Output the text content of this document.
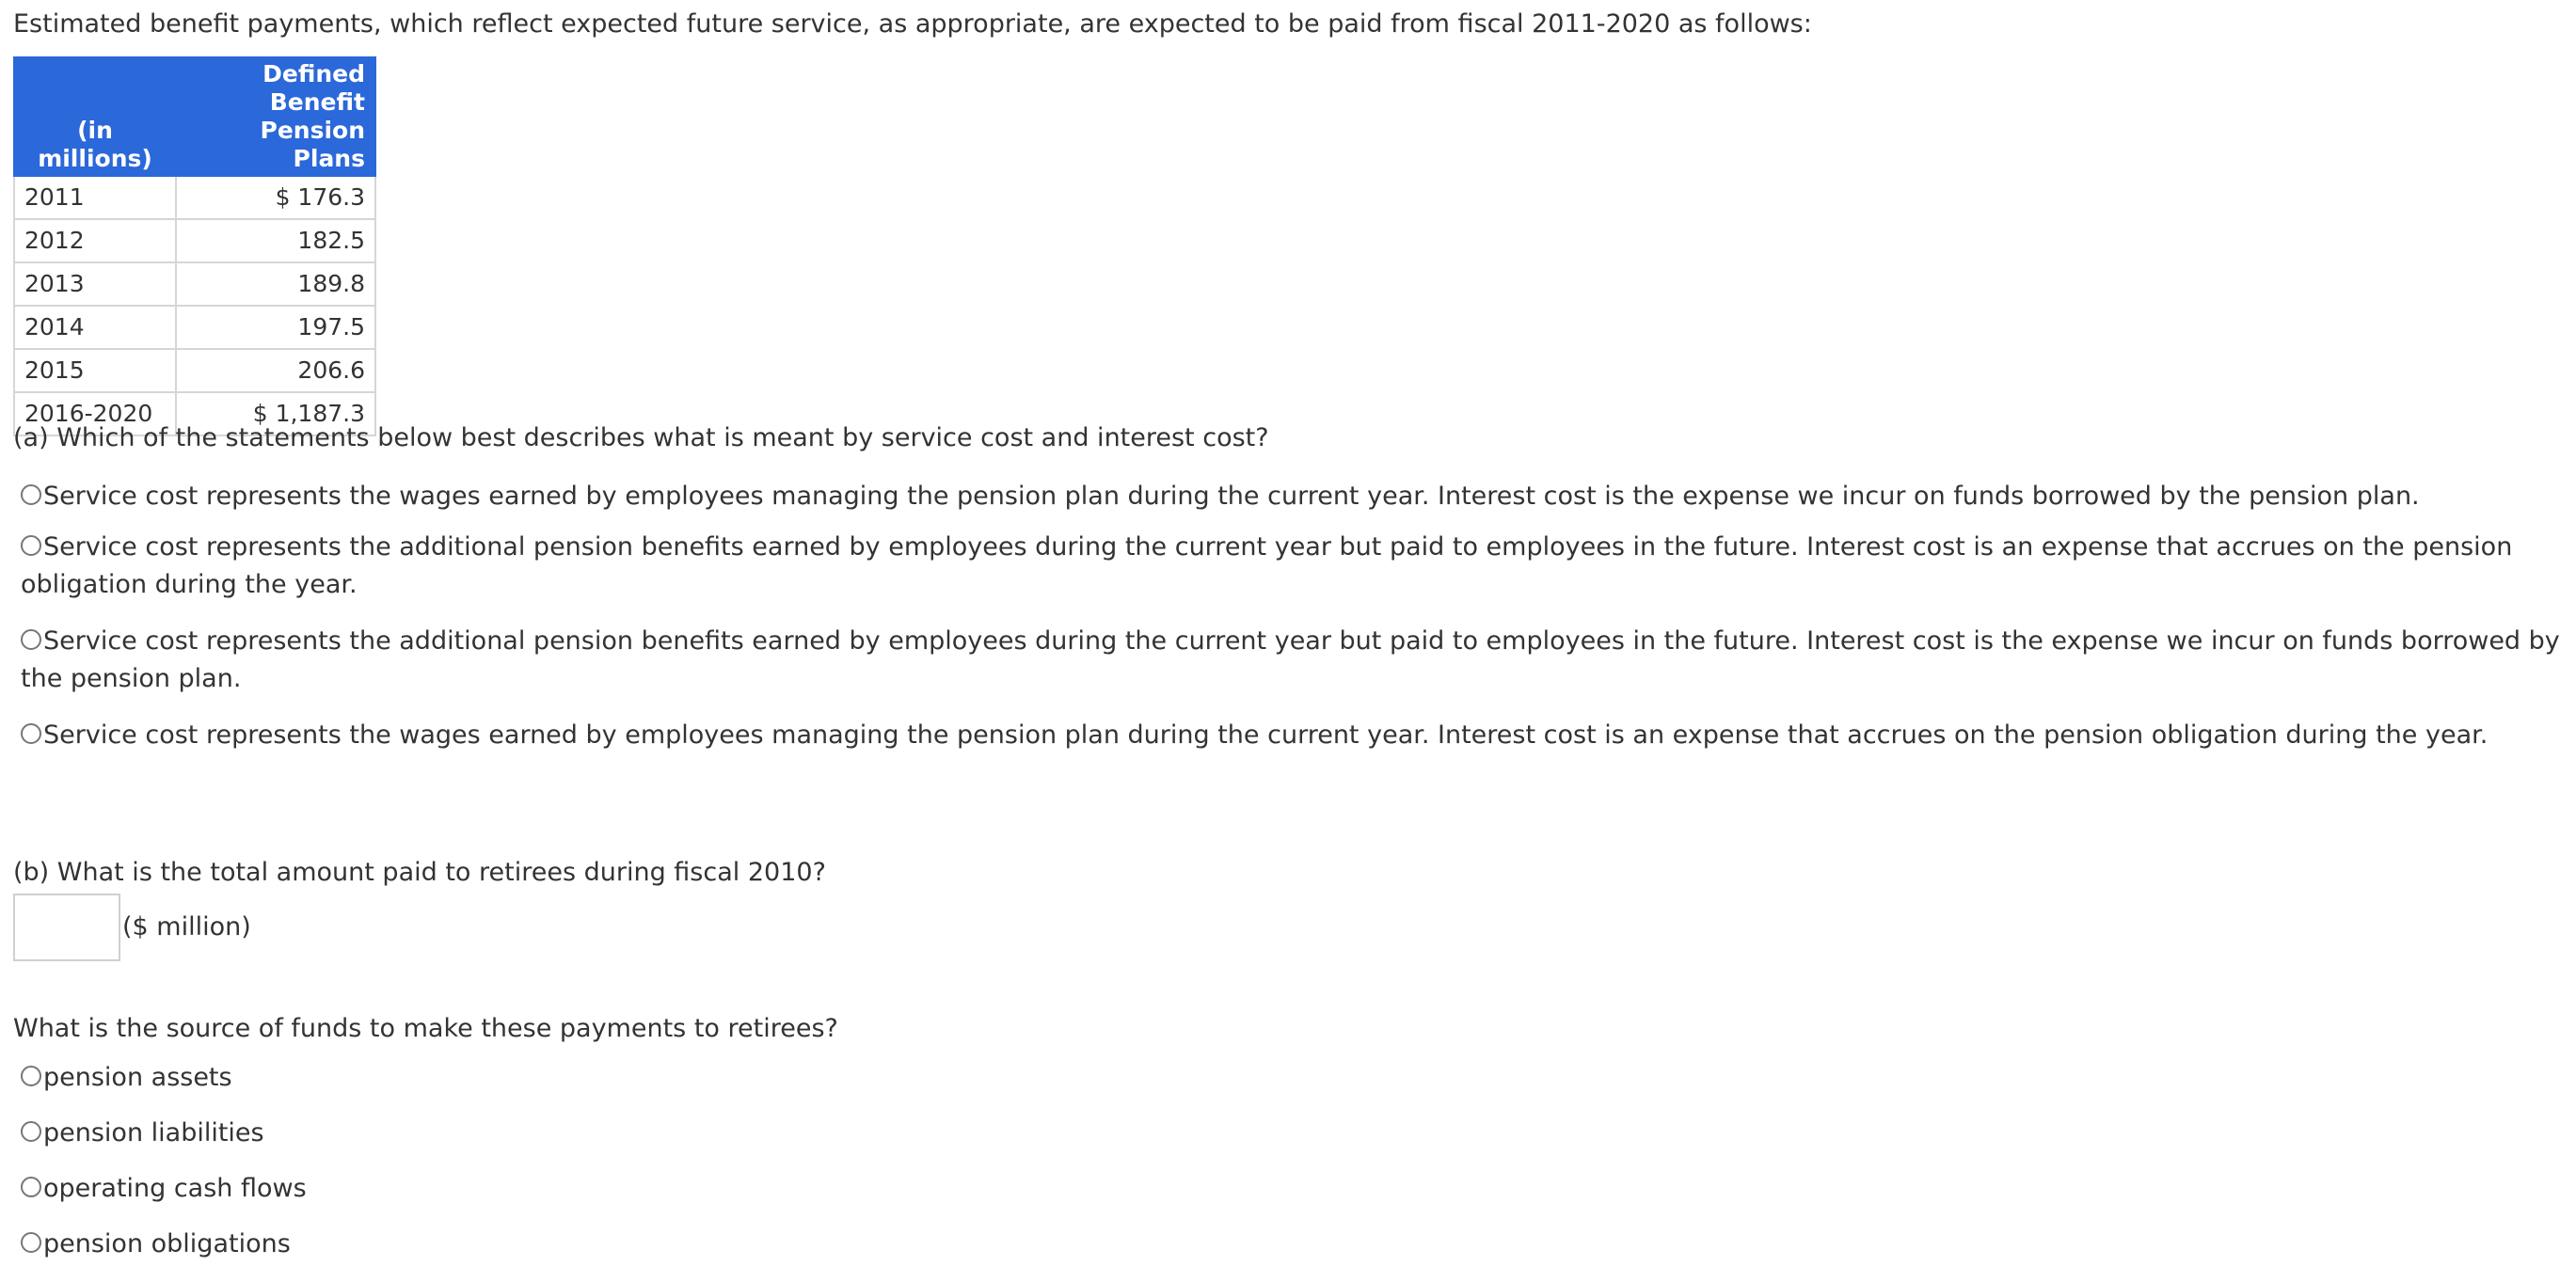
Estimated benefit payments, which reflect expected future service, as appropriate, are expected to be paid from fiscal 2011-2020 as follows:
(in millions)	Defined Benefit
Pension Plans
2011	$ 176.3
2012	182.5
2013	189.8
2014	197.5
2015	206.6
2016-2020	$ 1,187.3
(a) Which of the statements below best describes what is meant by service cost and interest cost?
Service cost represents the wages earned by employees managing the pension plan during the current year. Interest cost is the expense we incur on funds borrowed by the pension plan.
Service cost represents the additional pension benefits earned by employees during the current year but paid to employees in the future. Interest cost is an expense that accrues on the pension obligation during the year.
Service cost represents the additional pension benefits earned by employees during the current year but paid to employees in the future. Interest cost is the expense we incur on funds borrowed by the pension plan.
Service cost represents the wages earned by employees managing the pension plan during the current year. Interest cost is an expense that accrues on the pension obligation during the year.
(b) What is the total amount paid to retirees during fiscal 2010?
($ million)
What is the source of funds to make these payments to retirees?
pension assets
pension liabilities
operating cash flows
pension obligations
